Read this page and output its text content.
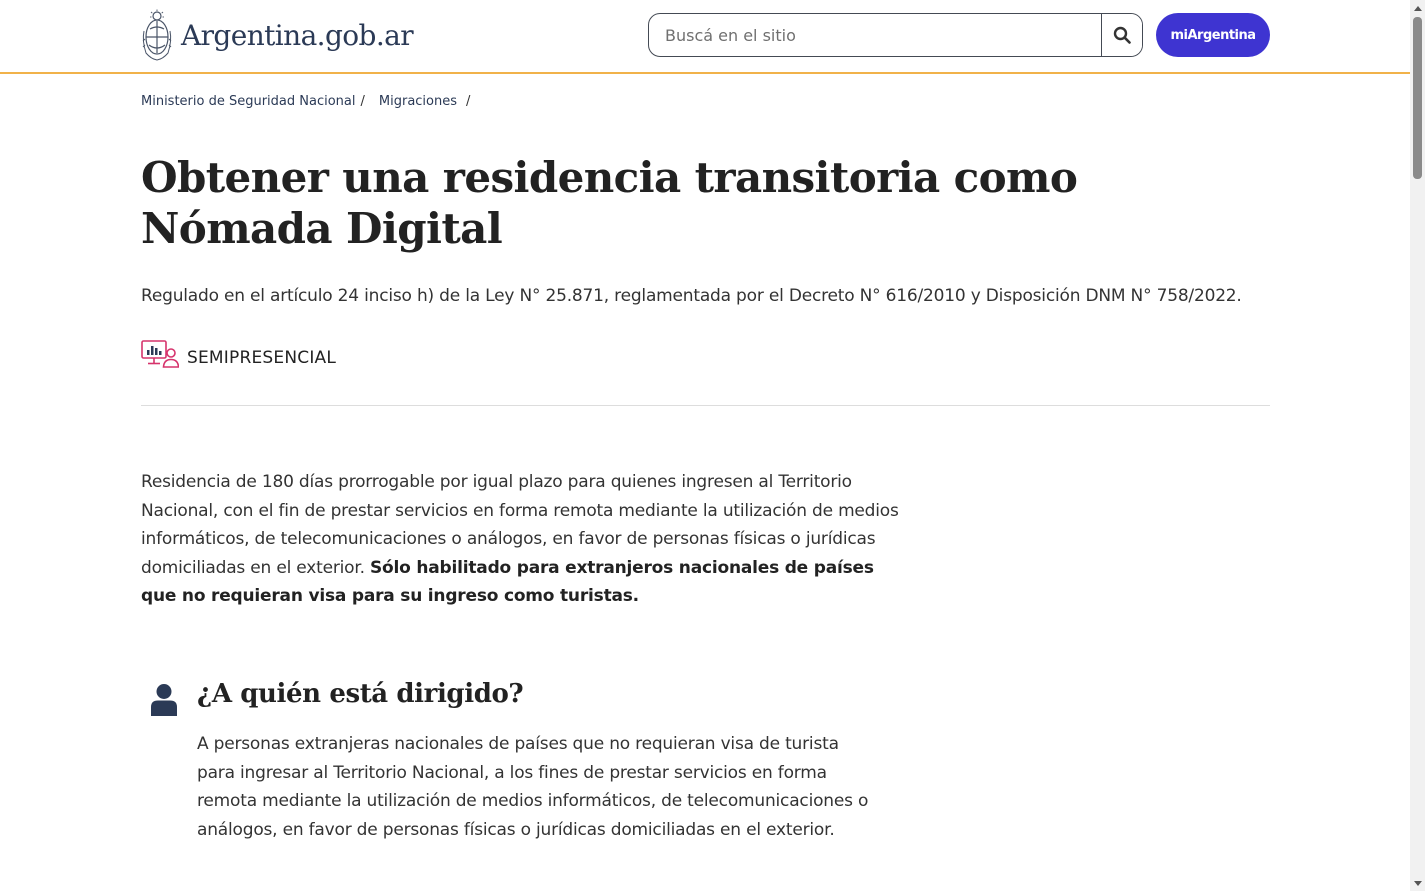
Argentina.gob.ar
Buscá en el sitio	miArgentina
Ministerio de Seguridad Nacional / Migraciones /
Obtener una residencia transitoria como Nómada Digital

Regulado en el artículo 24 inciso h) de la Ley N° 25.871, reglamentada por el Decreto N° 616/2010 y Disposición DNM N° 758/2022.

SEMIPRESENCIAL

Residencia de 180 días prorrogable por igual plazo para quienes ingresen al Territorio Nacional, con el fin de prestar servicios en forma remota mediante la utilización de medios informáticos, de telecomunicaciones o análogos, en favor de personas físicas o jurídicas domiciliadas en el exterior. Sólo habilitado para extranjeros nacionales de países que no requieran visa para su ingreso como turistas.

¿A quién está dirigido?

A personas extranjeras nacionales de países que no requieran visa de turista para ingresar al Territorio Nacional, a los fines de prestar servicios en forma remota mediante la utilización de medios informáticos, de telecomunicaciones o análogos, en favor de personas físicas o jurídicas domiciliadas en el exterior.
